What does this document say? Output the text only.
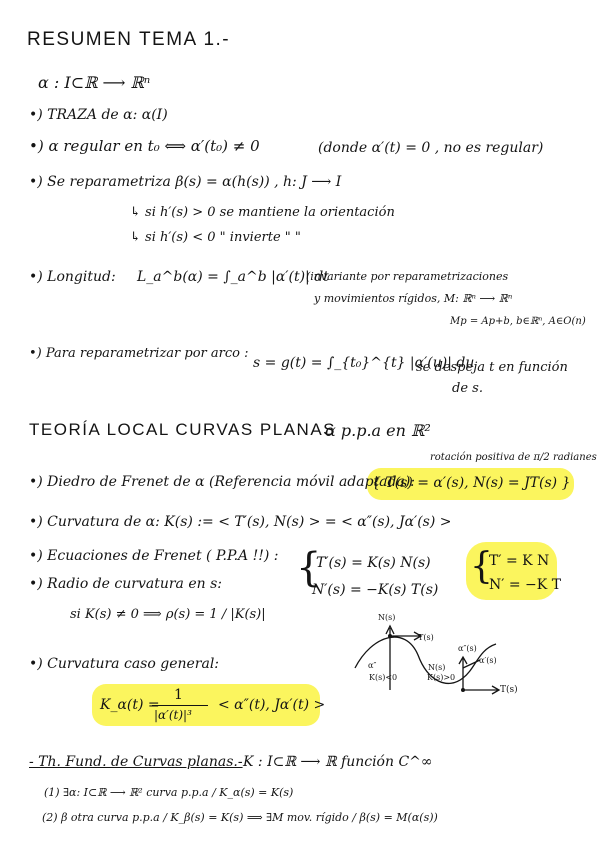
RESUMEN TEMA 1.-
α : I⊂ℝ ⟶ ℝⁿ
•) TRAZA de α: α(I)
•) α regular en t₀ ⟺ α′(t₀) ≠ 0	(donde α′(t) = 0 , no es regular)
•) Se reparametriza β(s) = α(h(s)) , h: J ⟶ I
↳ si h′(s) > 0 se mantiene la orientación
↳ si h′(s) < 0 " invierte " "
•) Longitud: L_a^b(α) = ∫_a^b |α′(t)| dt
(invariante por reparametrizaciones
y movimientos rígidos, M: ℝⁿ ⟶ ℝⁿ
Mp = Ap+b, b∈ℝⁿ, A∈O(n)
•) Para reparametrizar por arco :
s = g(t) = ∫_{t₀}^{t} |α′(u)| du
se despeja t en función
de s.
TEORÍA LOCAL CURVAS PLANAS
α p.p.a en ℝ²
rotación positiva de π/2 radianes
•) Diedro de Frenet de α (Referencia móvil adaptada):
{ T(s) = α′(s), N(s) = JT(s) }
•) Curvatura de α: K(s) := < T′(s), N(s) > = < α″(s), Jα′(s) >
•) Ecuaciones de Frenet ( P.P.A !!) : {
T′(s) = K(s) N(s)
N′(s) = −K(s) T(s)
{
T′ = K N
N′ = −K T
•) Radio de curvatura en s:
si K(s) ≠ 0 ⟹ ρ(s) = 1 / |K(s)|
•) Curvatura caso general:
K_α(t) =
1
|α′(t)|³
< α″(t), Jα′(t) >
- Th. Fund. de Curvas planas.- K : I⊂ℝ ⟶ ℝ función C^∞
(1) ∃α: I⊂ℝ ⟶ ℝ² curva p.p.a / K_α(s) = K(s)
(2) β otra curva p.p.a / K_β(s) = K(s) ⟹ ∃M mov. rígido / β(s) = M(α(s))
N(s)
T(s)
α″(s)
α′(s)
N(s)
K(s)>0
α″
K(s)<0
T(s)
